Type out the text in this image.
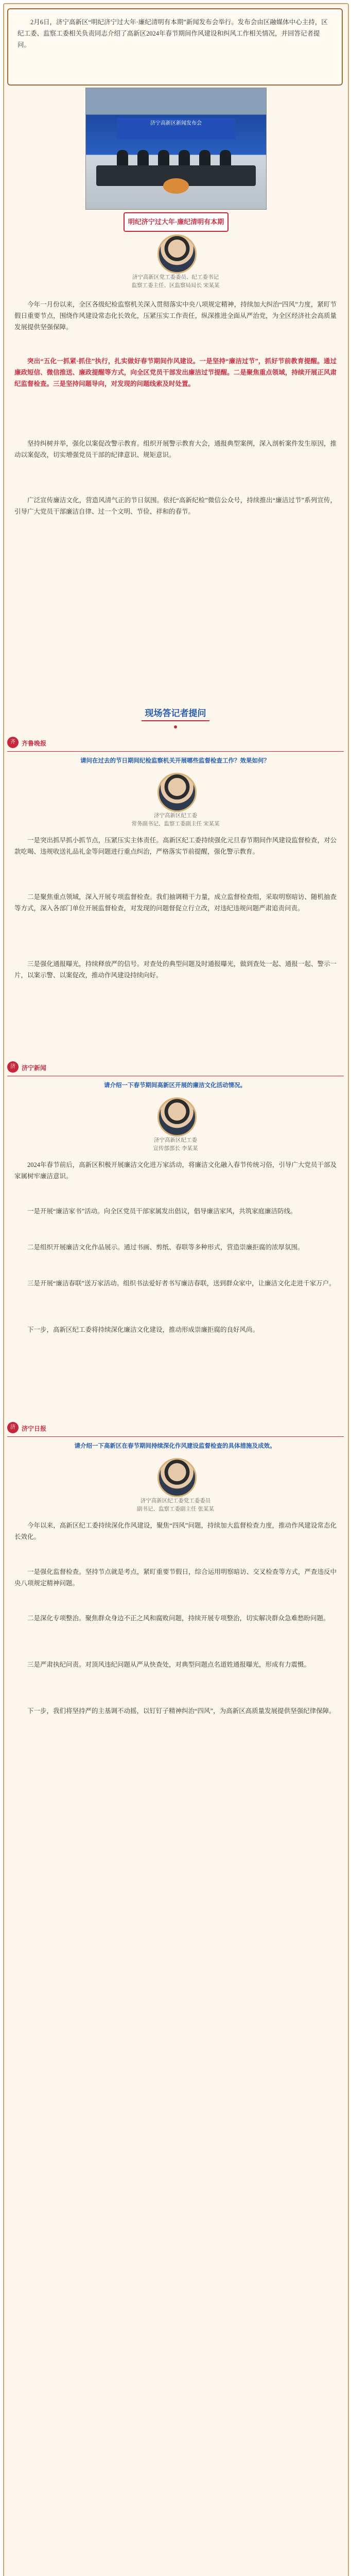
2月6日，济宁高新区“明纪济宁过大年·廉纪清明有本期”新闻发布会举行。发布会由区融媒体中心主持，区纪工委、监察工委相关负责同志介绍了高新区2024年春节期间作风建设和纠风工作相关情况，并回答记者提问。
济宁高新区新闻发布会
明纪济宁过大年·廉纪清明有本期
济宁高新区党工委委员、纪工委书记
监察工委主任、区监察局局长 宋某某
今年一月份以来，全区各级纪检监察机关深入贯彻落实中央八项规定精神，持续加大纠治“四风”力度，紧盯节假日重要节点，围绕作风建设常态化长效化，压紧压实工作责任，纵深推进全面从严治党，为全区经济社会高质量发展提供坚强保障。
突出“五化一抓紧·抓住”执行，扎实做好春节期间作风建设。一是坚持“廉洁过节”，抓好节前教育提醒。通过廉政短信、微信推送、廉政提醒等方式，向全区党员干部发出廉洁过节提醒。二是聚焦重点领域，持续开展正风肃纪监督检查。三是坚持问题导向，对发现的问题线索及时处置。
坚持纠树并举，强化以案促改警示教育。组织开展警示教育大会，通报典型案例，深入剖析案件发生原因，推动以案促改，切实增强党员干部的纪律意识、规矩意识。
广泛宣传廉洁文化，营造风清气正的节日氛围。依托“高新纪检”微信公众号，持续推出“廉洁过节”系列宣传，引导广大党员干部廉洁自律、过一个文明、节俭、祥和的春节。
现场答记者提问
齐	齐鲁晚报
请问在过去的节日期间纪检监察机关开展哪些监督检查工作？效果如何？
济宁高新区纪工委
常务副书记、监察工委副主任 宋某某
一是突出抓早抓小抓节点，压紧压实主体责任。高新区纪工委持续强化元旦春节期间作风建设监督检查，对公款吃喝、违规收送礼品礼金等问题进行重点纠治，严格落实节前提醒，强化警示教育。
二是聚焦重点领域，深入开展专项监督检查。我们抽调精干力量，成立监督检查组，采取明察暗访、随机抽查等方式，深入各部门单位开展监督检查，对发现的问题督促立行立改，对违纪违规问题严肃追责问责。
三是强化通报曝光，持续释放严的信号。对查处的典型问题及时通报曝光，做到查处一起、通报一起、警示一片，以案示警、以案促改，推动作风建设持续向好。
济	济宁新闻
请介绍一下春节期间高新区开展的廉洁文化活动情况。
济宁高新区纪工委
宣传部部长 李某某
2024年春节前后，高新区积极开展廉洁文化进万家活动，将廉洁文化融入春节传统习俗，引导广大党员干部及家属树牢廉洁意识。
一是开展“廉洁家书”活动。向全区党员干部家属发出倡议，倡导廉洁家风，共筑家庭廉洁防线。
二是组织开展廉洁文化作品展示。通过书画、剪纸、春联等多种形式，营造崇廉拒腐的浓厚氛围。
三是开展“廉洁春联”送万家活动。组织书法爱好者书写廉洁春联，送到群众家中，让廉洁文化走进千家万户。
下一步，高新区纪工委将持续深化廉洁文化建设，推动形成崇廉拒腐的良好风尚。
济	济宁日报
请介绍一下高新区在春节期间持续深化作风建设监督检查的具体措施及成效。
济宁高新区纪工委党工委委员
副书记、监察工委副主任 张某某
今年以来，高新区纪工委持续深化作风建设，聚焦“四风”问题，持续加大监督检查力度，推动作风建设常态化长效化。
一是强化监督检查。坚持节点就是考点，紧盯重要节假日，综合运用明察暗访、交叉检查等方式，严查违反中央八项规定精神问题。
二是深化专项整治。聚焦群众身边不正之风和腐败问题，持续开展专项整治，切实解决群众急难愁盼问题。
三是严肃执纪问责。对顶风违纪问题从严从快查处，对典型问题点名道姓通报曝光，形成有力震慑。
下一步，我们将坚持严的主基调不动摇，以钉钉子精神纠治“四风”，为高新区高质量发展提供坚强纪律保障。
